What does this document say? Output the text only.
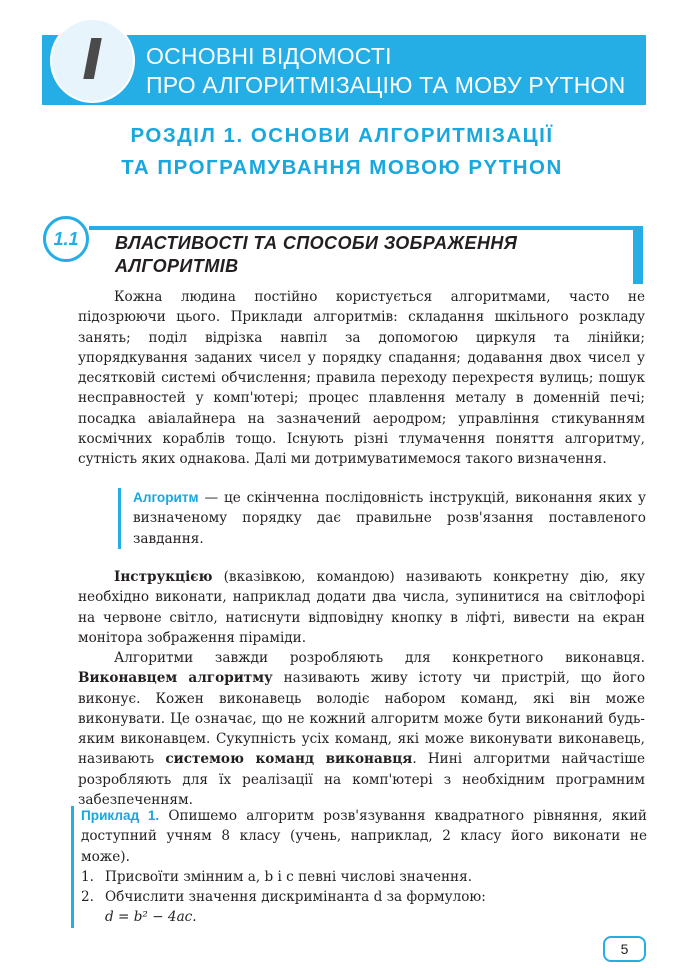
I ОСНОВНІ ВІДОМОСТІ
ПРО АЛГОРИТМІЗАЦІЮ ТА МОВУ PYTHON
РОЗДІЛ 1. ОСНОВИ АЛГОРИТМІЗАЦІЇ
ТА ПРОГРАМУВАННЯ МОВОЮ PYTHON
1.1 ВЛАСТИВОСТІ ТА СПОСОБИ ЗОБРАЖЕННЯ
АЛГОРИТМІВ

Кожна людина постійно користується алгоритмами, часто не підозрюючи цього. Приклади алгоритмів: складання шкільного розкладу занять; поділ відрізка навпіл за допомогою циркуля та лінійки; упорядкування заданих чисел у порядку спадання; додавання двох чисел у десятковій системі обчислення; правила переходу перехрестя вулиць; пошук несправностей у комп'ютері; процес плавлення металу в доменній печі; посадка авіалайнера на зазначений аеродром; управління стикуванням космічних кораблів тощо. Існують різні тлумачення поняття алгоритму, сутність яких однакова. Далі ми дотримуватимемося такого визначення.

Алгоритм — це скінченна послідовність інструкцій, виконання яких у визначеному порядку дає правильне розв'язання поставленого завдання.

Інструкцією (вказівкою, командою) називають конкретну дію, яку необхідно виконати, наприклад додати два числа, зупинитися на світлофорі на червоне світло, натиснути відповідну кнопку в ліфті, вивести на екран монітора зображення піраміди.

Алгоритми завжди розробляють для конкретного виконавця. Виконавцем алгоритму називають живу істоту чи пристрій, що його виконує. Кожен виконавець володіє набором команд, які він може виконувати. Це означає, що не кожний алгоритм може бути виконаний будь-яким виконавцем. Сукупність усіх команд, які може виконувати виконавець, називають системою команд виконавця. Нині алгоритми найчастіше розробляють для їх реалізації на комп'ютері з необхідним програмним забезпеченням.

Приклад 1. Опишемо алгоритм розв'язування квадратного рівняння, який доступний учням 8 класу (учень, наприклад, 2 класу його виконати не може).
1. Присвоїти змінним a, b і c певні числові значення.
2. Обчислити значення дискримінанта d за формулою:
d = b² − 4ac.
5
